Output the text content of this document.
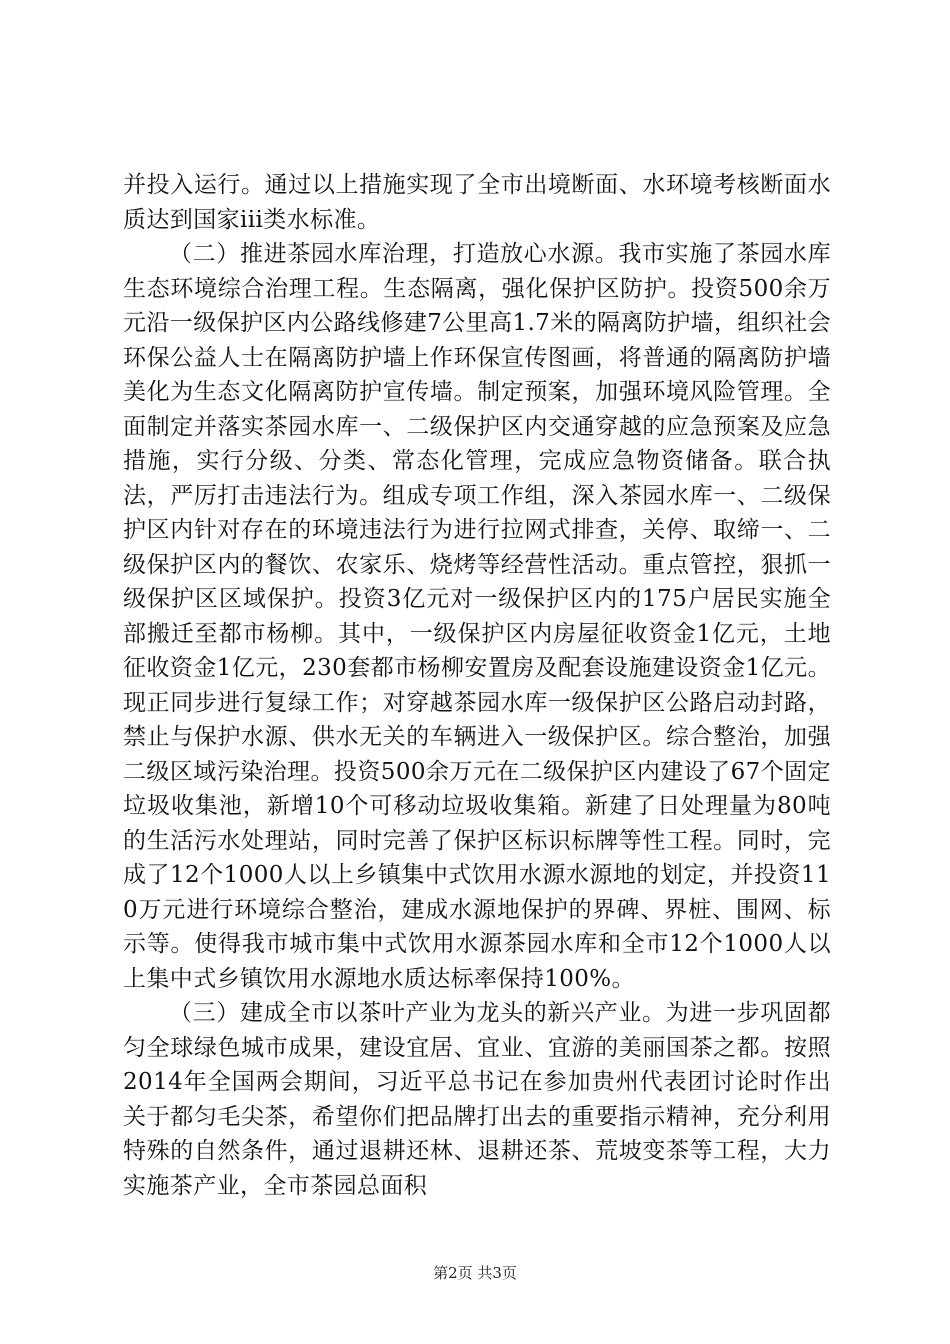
并投入运行。通过以上措施实现了全市出境断面、水环境考核断面水质达到国家iii类水标准。

（二）推进茶园水库治理，打造放心水源。我市实施了茶园水库生态环境综合治理工程。生态隔离，强化保护区防护。投资500余万元沿一级保护区内公路线修建7公里高1.7米的隔离防护墙，组织社会环保公益人士在隔离防护墙上作环保宣传图画，将普通的隔离防护墙美化为生态文化隔离防护宣传墙。制定预案，加强环境风险管理。全面制定并落实茶园水库一、二级保护区内交通穿越的应急预案及应急措施，实行分级、分类、常态化管理，完成应急物资储备。联合执法，严厉打击违法行为。组成专项工作组，深入茶园水库一、二级保护区内针对存在的环境违法行为进行拉网式排查，关停、取缔一、二级保护区内的餐饮、农家乐、烧烤等经营性活动。重点管控，狠抓一级保护区区域保护。投资3亿元对一级保护区内的175户居民实施全部搬迁至都市杨柳。其中，一级保护区内房屋征收资金1亿元，土地征收资金1亿元，230套都市杨柳安置房及配套设施建设资金1亿元。现正同步进行复绿工作；对穿越茶园水库一级保护区公路启动封路，禁止与保护水源、供水无关的车辆进入一级保护区。综合整治，加强二级区域污染治理。投资500余万元在二级保护区内建设了67个固定垃圾收集池，新增10个可移动垃圾收集箱。新建了日处理量为80吨的生活污水处理站，同时完善了保护区标识标牌等性工程。同时，完成了12个1000人以上乡镇集中式饮用水源水源地的划定，并投资110万元进行环境综合整治，建成水源地保护的界碑、界桩、围网、标示等。使得我市城市集中式饮用水源茶园水库和全市12个1000人以上集中式乡镇饮用水源地水质达标率保持100%。

（三）建成全市以茶叶产业为龙头的新兴产业。为进一步巩固都匀全球绿色城市成果，建设宜居、宜业、宜游的美丽国茶之都。按照2014年全国两会期间，习近平总书记在参加贵州代表团讨论时作出关于都匀毛尖茶，希望你们把品牌打出去的重要指示精神，充分利用特殊的自然条件，通过退耕还林、退耕还茶、荒坡变茶等工程，大力实施茶产业，全市茶园总面积

第2页 共3页
